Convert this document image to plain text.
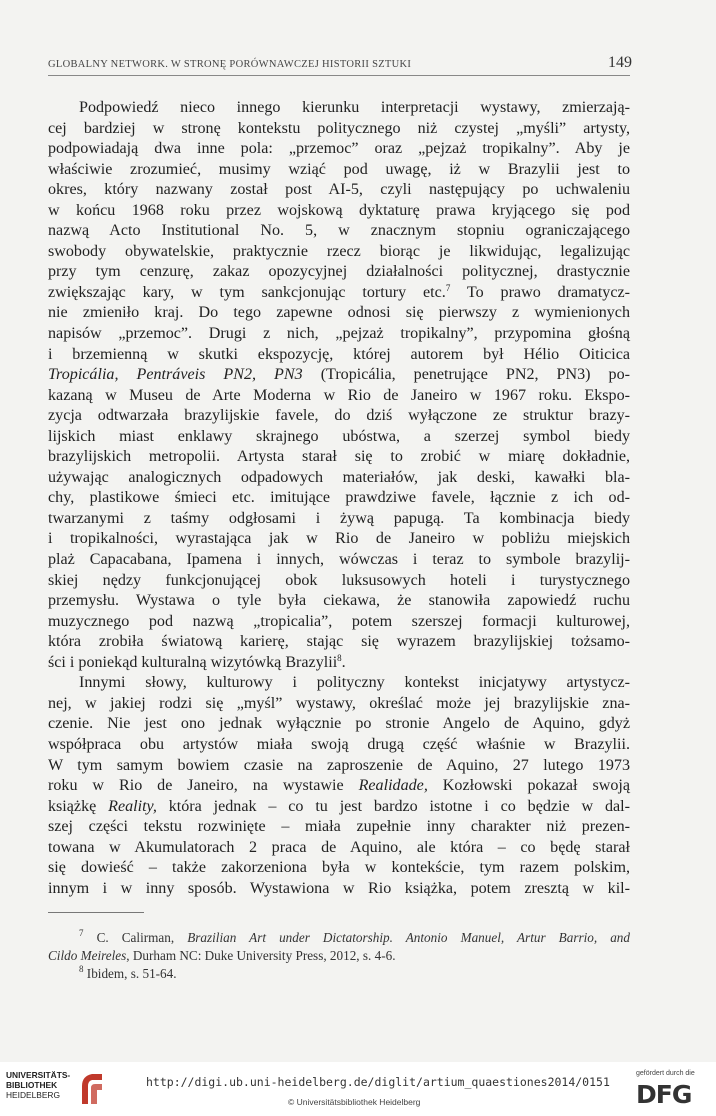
GLOBALNY NETWORK. W STRONĘ PORÓWNAWCZEJ HISTORII SZTUKI	149
Podpowiedź nieco innego kierunku interpretacji wystawy, zmierzają-
cej bardziej w stronę kontekstu politycznego niż czystej „myśli” artysty,
podpowiadają dwa inne pola: „przemoc” oraz „pejzaż tropikalny”. Aby je
właściwie zrozumieć, musimy wziąć pod uwagę, iż w Brazylii jest to
okres, który nazwany został post AI-5, czyli następujący po uchwaleniu
w końcu 1968 roku przez wojskową dyktaturę prawa kryjącego się pod
nazwą Acto Institutional No. 5, w znacznym stopniu ograniczającego
swobody obywatelskie, praktycznie rzecz biorąc je likwidując, legalizując
przy tym cenzurę, zakaz opozycyjnej działalności politycznej, drastycznie
zwiększając kary, w tym sankcjonując tortury etc.$^7$ To prawo dramatycz-
nie zmieniło kraj. Do tego zapewne odnosi się pierwszy z wymienionych
napisów „przemoc”. Drugi z nich, „pejzaż tropikalny”, przypomina głośną
i brzemienną w skutki ekspozycję, której autorem był Hélio Oiticica
Tropicália, Pentráveis PN2, PN3 (Tropicália, penetrujące PN2, PN3) po-
kazaną w Museu de Arte Moderna w Rio de Janeiro w 1967 roku. Ekspo-
zycja odtwarzała brazylijskie favele, do dziś wyłączone ze struktur brazy-
lijskich miast enklawy skrajnego ubóstwa, a szerzej symbol biedy
brazylijskich metropolii. Artysta starał się to zrobić w miarę dokładnie,
używając analogicznych odpadowych materiałów, jak deski, kawałki bla-
chy, plastikowe śmieci etc. imitujące prawdziwe favele, łącznie z ich od-
twarzanymi z taśmy odgłosami i żywą papugą. Ta kombinacja biedy
i tropikalności, wyrastająca jak w Rio de Janeiro w pobliżu miejskich
plaż Capacabana, Ipamena i innych, wówczas i teraz to symbole brazylij-
skiej nędzy funkcjonującej obok luksusowych hoteli i turystycznego
przemysłu. Wystawa o tyle była ciekawa, że stanowiła zapowiedź ruchu
muzycznego pod nazwą „tropicalia”, potem szerszej formacji kulturowej,
która zrobiła światową karierę, stając się wyrazem brazylijskiej tożsamo-
ści i poniekąd kulturalną wizytówką Brazylii$^8$.
Innymi słowy, kulturowy i polityczny kontekst inicjatywy artystycz-
nej, w jakiej rodzi się „myśl” wystawy, określać może jej brazylijskie zna-
czenie. Nie jest ono jednak wyłącznie po stronie Angelo de Aquino, gdyż
współpraca obu artystów miała swoją drugą część właśnie w Brazylii.
W tym samym bowiem czasie na zaproszenie de Aquino, 27 lutego 1973
roku w Rio de Janeiro, na wystawie Realidade, Kozłowski pokazał swoją
książkę Reality, która jednak – co tu jest bardzo istotne i co będzie w dal-
szej części tekstu rozwinięte – miała zupełnie inny charakter niż prezen-
towana w Akumulatorach 2 praca de Aquino, ale która – co będę starał
się dowieść – także zakorzeniona była w kontekście, tym razem polskim,
innym i w inny sposób. Wystawiona w Rio książka, potem zresztą w kil-
$^7$ C. Calirman, Brazilian Art under Dictatorship. Antonio Manuel, Artur Barrio, and
Cildo Meireles, Durham NC: Duke University Press, 2012, s. 4-6.
$^8$ Ibidem, s. 51-64.
UNIVERSITÄTS-
BIBLIOTHEK
HEIDELBERG
http://digi.ub.uni-heidelberg.de/diglit/artium_quaestiones2014/0151
© Universitätsbibliothek Heidelberg
gefördert durch die
DFG
